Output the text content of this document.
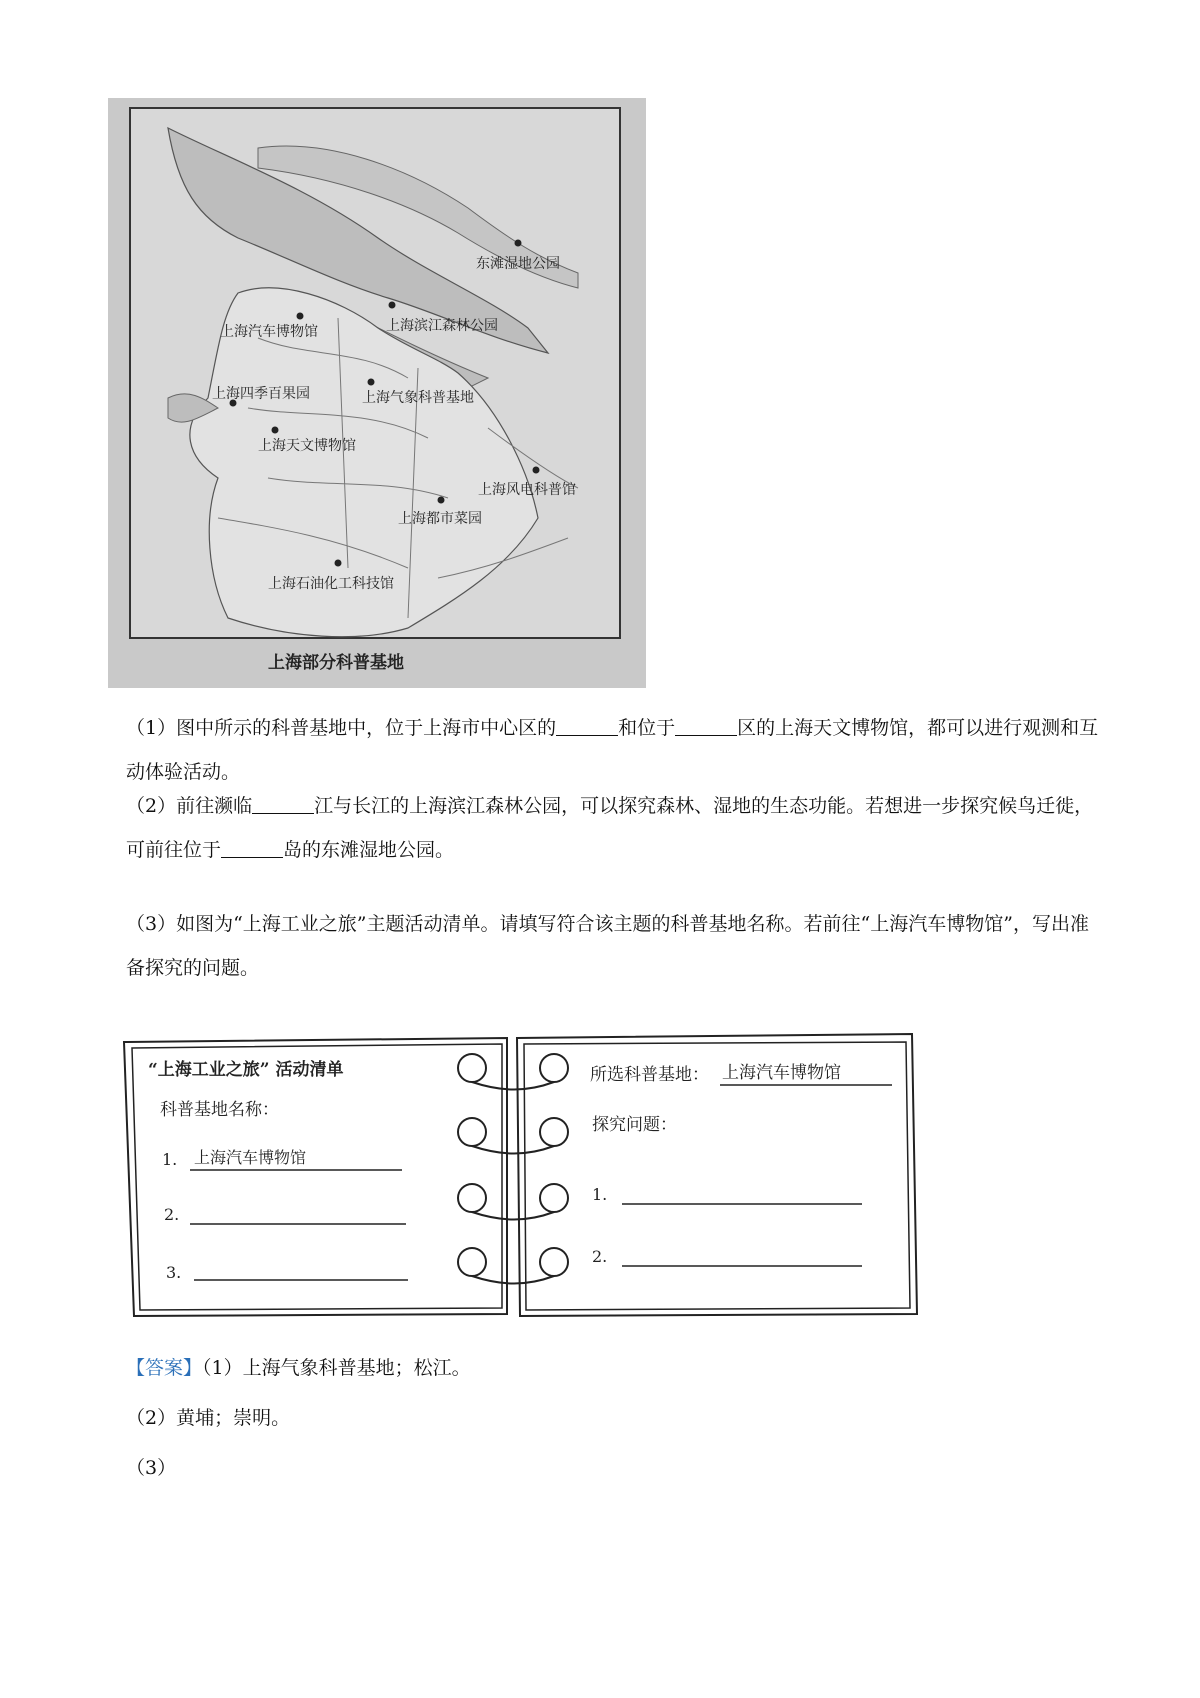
东滩湿地公园
上海汽车博物馆	上海滨江森林公园
上海四季百果园	上海气象科普基地
上海天文博物馆
上海风电科普馆
上海都市菜园
上海石油化工科技馆
上海部分科普基地

（1）图中所示的科普基地中，位于上海市中心区的	和位于	区的上海天文博物馆，都可以进行观测和互动体验活动。

（2）前往濒临	江与长江的上海滨江森林公园，可以探究森林、湿地的生态功能。若想进一步探究候鸟迁徙，可前往位于	岛的东滩湿地公园。

（3）如图为“上海工业之旅”主题活动清单。请填写符合该主题的科普基地名称。若前往“上海汽车博物馆”，写出准备探究的问题。

“上海工业之旅” 活动清单
科普基地名称：
1. 上海汽车博物馆
2.
3.
所选科普基地： 上海汽车博物馆
探究问题：
1.
2.
【答案】（1）上海气象科普基地；松江。
（2）黄埔；崇明。
（3）
